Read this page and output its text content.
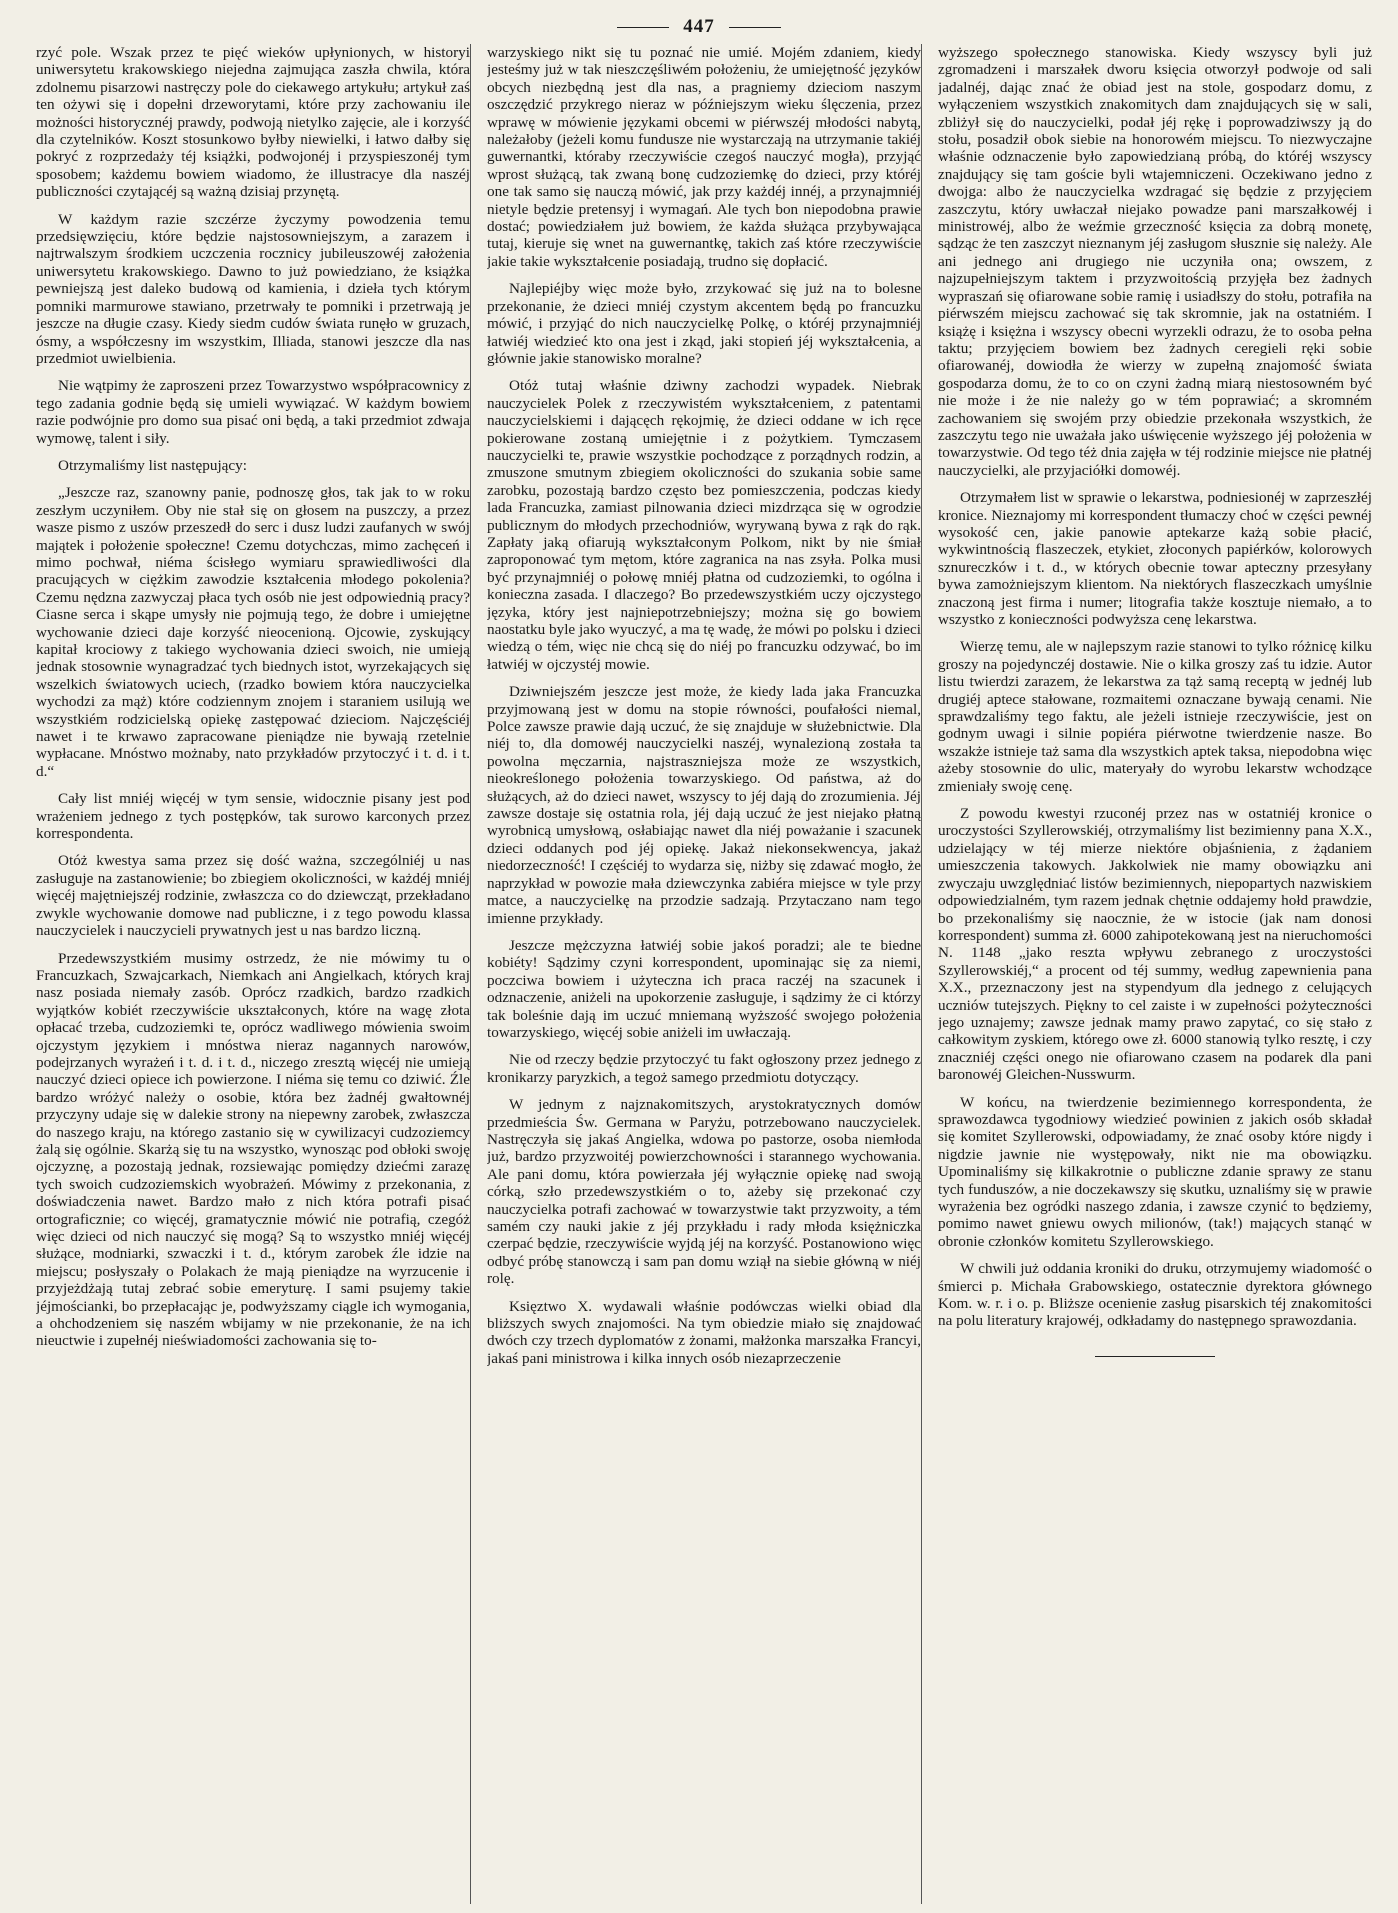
447

rzyć pole. Wszak przez te pięć wieków upłynionych, w historyi uniwersytetu krakowskiego niejedna zajmująca zaszła chwila, która zdolnemu pisarzowi nastręczy pole do ciekawego artykułu; artykuł zaś ten ożywi się i dopełni drzeworytami, które przy zachowaniu ile możności historycznéj prawdy, podwoją nietylko zajęcie, ale i korzyść dla czytelników. Koszt stosunkowo byłby niewielki, i łatwo dałby się pokryć z rozprzedaży téj książki, podwojonéj i przyspieszonéj tym sposobem; każdemu bowiem wiadomo, że illustracye dla naszéj publiczności czytającéj są ważną dzisiaj przynętą.

W każdym razie szczérze życzymy powodzenia temu przedsięwzięciu, które będzie najstosowniejszym, a zarazem i najtrwalszym środkiem uczczenia rocznicy jubileuszowéj założenia uniwersytetu krakowskiego. Dawno to już powiedziano, że książka pewniejszą jest daleko budową od kamienia, i dzieła tych którym pomniki marmurowe stawiano, przetrwały te pomniki i przetrwają je jeszcze na długie czasy. Kiedy siedm cudów świata runęło w gruzach, ósmy, a współczesny im wszystkim, Illiada, stanowi jeszcze dla nas przedmiot uwielbienia.

Nie wątpimy że zaproszeni przez Towarzystwo współpracownicy z tego zadania godnie będą się umieli wywiązać. W każdym bowiem razie podwójnie pro domo sua pisać oni będą, a taki przedmiot zdwaja wymowę, talent i siły.

Otrzymaliśmy list następujący:

„Jeszcze raz, szanowny panie, podnoszę głos, tak jak to w roku zeszłym uczyniłem. Oby nie stał się on głosem na puszczy, a przez wasze pismo z uszów przeszedł do serc i dusz ludzi zaufanych w swój majątek i położenie społeczne! Czemu dotychczas, mimo zachęceń i mimo pochwał, niéma ścisłego wymiaru sprawiedliwości dla pracujących w ciężkim zawodzie kształcenia młodego pokolenia? Czemu nędzna zazwyczaj płaca tych osób nie jest odpowiednią pracy? Ciasne serca i skąpe umysły nie pojmują tego, że dobre i umiejętne wychowanie dzieci daje korzyść nieocenioną. Ojcowie, zyskujący kapitał krociowy z takiego wychowania dzieci swoich, nie umieją jednak stosownie wynagradzać tych biednych istot, wyrzekających się wszelkich światowych uciech, (rzadko bowiem która nauczycielka wychodzi za mąż) które codziennym znojem i staraniem usilują we wszystkiém rodzicielską opiekę zastępować dzieciom. Najczęściéj nawet i te krwawo zapracowane pieniądze nie bywają rzetelnie wypłacane. Mnóstwo możnaby, nato przykładów przytoczyć i t. d. i t. d.“

Cały list mniéj więcéj w tym sensie, widocznie pisany jest pod wrażeniem jednego z tych postępków, tak surowo karconych przez korrespondenta.

Otóż kwestya sama przez się dość ważna, szczególniéj u nas zasługuje na zastanowienie; bo zbiegiem okoliczności, w każdéj mniéj więcéj majętniejszéj rodzinie, zwłaszcza co do dziewcząt, przekładano zwykle wychowanie domowe nad publiczne, i z tego powodu klassa nauczycielek i nauczycieli prywatnych jest u nas bardzo liczną.

Przedewszystkiém musimy ostrzedz, że nie mówimy tu o Francuzkach, Szwajcarkach, Niemkach ani Angielkach, których kraj nasz posiada niemały zasób. Oprócz rzadkich, bardzo rzadkich wyjątków kobiét rzeczywiście ukształconych, które na wagę złota opłacać trzeba, cudzoziemki te, oprócz wadliwego mówienia swoim ojczystym językiem i mnóstwa nieraz nagannych narowów, podejrzanych wyrażeń i t. d. i t. d., niczego zresztą więcéj nie umieją nauczyć dzieci opiece ich powierzone. I niéma się temu co dziwić. Źle bardzo wróżyć należy o osobie, która bez żadnéj gwałtownéj przyczyny udaje się w dalekie strony na niepewny zarobek, zwłaszcza do naszego kraju, na którego zastanio się w cywilizacyi cudzoziemcy żalą się ogólnie. Skarżą się tu na wszystko, wynosząc pod obłoki swoję ojczyznę, a pozostają jednak, rozsiewając pomiędzy dziećmi zarazę tych swoich cudzoziemskich wyobrażeń. Mówimy z przekonania, z doświadczenia nawet. Bardzo mało z nich która potrafi pisać ortograficznie; co więcéj, gramatycznie mówić nie potrafią, czegóż więc dzieci od nich nauczyć się mogą? Są to wszystko mniéj więcéj służące, modniarki, szwaczki i t. d., którym zarobek źle idzie na miejscu; posłyszały o Polakach że mają pieniądze na wyrzucenie i przyjeżdżają tutaj zebrać sobie emeryturę. I sami psujemy takie jéjmościanki, bo przepłacając je, podwyższamy ciągle ich wymogania, a ohchodzeniem się naszém wbijamy w nie przekonanie, że na ich nieuctwie i zupełnéj nieświadomości zachowania się to-

warzyskiego nikt się tu poznać nie umié. Mojém zdaniem, kiedy jesteśmy już w tak nieszczęśliwém położeniu, że umiejętność języków obcych niezbędną jest dla nas, a pragniemy dzieciom naszym oszczędzić przykrego nieraz w późniejszym wieku ślęczenia, przez wprawę w mówienie językami obcemi w piérwszéj młodości nabytą, należałoby (jeżeli komu fundusze nie wystarczają na utrzymanie takiéj guwernantki, któraby rzeczywiście czegoś nauczyć mogła), przyjąć wprost służącą, tak zwaną bonę cudzoziemkę do dzieci, przy któréj one tak samo się nauczą mówić, jak przy każdéj innéj, a przynajmniéj nietyle będzie pretensyj i wymagań. Ale tych bon niepodobna prawie dostać; powiedziałem już bowiem, że każda służąca przybywająca tutaj, kieruje się wnet na guwernantkę, takich zaś które rzeczywiście jakie takie wykształcenie posiadają, trudno się dopłacić.

Najlepiéjby więc może było, zrzykować się już na to bolesne przekonanie, że dzieci mniéj czystym akcentem będą po francuzku mówić, i przyjąć do nich nauczycielkę Polkę, o któréj przynajmniéj łatwiéj wiedzieć kto ona jest i zkąd, jaki stopień jéj wykształcenia, a głównie jakie stanowisko moralne?

Otóż tutaj właśnie dziwny zachodzi wypadek. Niebrak nauczycielek Polek z rzeczywistém wykształceniem, z patentami nauczycielskiemi i dającęch rękojmię, że dzieci oddane w ich ręce pokierowane zostaną umiejętnie i z pożytkiem. Tymczasem nauczycielki te, prawie wszystkie pochodzące z porządnych rodzin, a zmuszone smutnym zbiegiem okoliczności do szukania sobie same zarobku, pozostają bardzo często bez pomieszczenia, podczas kiedy lada Francuzka, zamiast pilnowania dzieci mizdrząca się w ogrodzie publicznym do młodych przechodniów, wyrywaną bywa z rąk do rąk. Zapłaty jaką ofiarują wykształconym Polkom, nikt by nie śmiał zaproponować tym mętom, które zagranica na nas zsyła. Polka musi być przynajmniéj o połowę mniéj płatna od cudzoziemki, to ogólna i konieczna zasada. I dlaczego? Bo przedewszystkiém uczy ojczystego języka, który jest najniepotrzebniejszy; można się go bowiem naostatku byle jako wyuczyć, a ma tę wadę, że mówi po polsku i dzieci wiedzą o tém, więc nie chcą się do niéj po francuzku odzywać, bo im łatwiéj w ojczystéj mowie.

Dziwniejszém jeszcze jest może, że kiedy lada jaka Francuzka przyjmowaną jest w domu na stopie równości, poufałości niemal, Polce zawsze prawie dają uczuć, że się znajduje w służebnictwie. Dla niéj to, dla domowéj nauczycielki naszéj, wynalezioną została ta powolna męczarnia, najstraszniejsza może ze wszystkich, nieokreślonego położenia towarzyskiego. Od państwa, aż do służących, aż do dzieci nawet, wszyscy to jéj dają do zrozumienia. Jéj zawsze dostaje się ostatnia rola, jéj dają uczuć że jest niejako płatną wyrobnicą umysłową, osłabiając nawet dla niéj poważanie i szacunek dzieci oddanych pod jéj opiekę. Jakaż niekonsekwencya, jakaż niedorzeczność! I częściéj to wydarza się, niżby się zdawać mogło, że naprzykład w powozie mała dziewczynka zabiéra miejsce w tyle przy matce, a nauczycielkę na przodzie sadzają. Przytaczano nam tego imienne przykłady.

Jeszcze mężczyzna łatwiéj sobie jakoś poradzi; ale te biedne kobiéty! Sądzimy czyni korrespondent, upominając się za niemi, poczciwa bowiem i użyteczna ich praca raczéj na szacunek i odznaczenie, aniżeli na upokorzenie zasługuje, i sądzimy że ci którzy tak boleśnie dają im uczuć mniemaną wyższość swojego położenia towarzyskiego, więcéj sobie aniżeli im uwłaczają.

Nie od rzeczy będzie przytoczyć tu fakt ogłoszony przez jednego z kronikarzy paryzkich, a tegoż samego przedmiotu dotyczący.

W jednym z najznakomitszych, arystokratycznych domów przedmieścia Św. Germana w Paryżu, potrzebowano nauczycielek. Nastręczyła się jakaś Angielka, wdowa po pastorze, osoba niemłoda już, bardzo przyzwoitéj powierzchowności i starannego wychowania. Ale pani domu, która powierzała jéj wyłącznie opiekę nad swoją córką, szło przedewszystkiém o to, ażeby się przekonać czy nauczycielka potrafi zachować w towarzystwie takt przyzwoity, a tém samém czy nauki jakie z jéj przykładu i rady młoda księżniczka czerpać będzie, rzeczywiście wyjdą jéj na korzyść. Postanowiono więc odbyć próbę stanowczą i sam pan domu wziął na siebie główną w niéj rolę.

Księztwo X. wydawali właśnie podówczas wielki obiad dla bliższych swych znajomości. Na tym obiedzie miało się znajdować dwóch czy trzech dyplomatów z żonami, małżonka marszałka Francyi, jakaś pani ministrowa i kilka innych osób niezaprzeczenie

wyższego społecznego stanowiska. Kiedy wszyscy byli już zgromadzeni i marszałek dworu księcia otworzył podwoje od sali jadalnéj, dając znać że obiad jest na stole, gospodarz domu, z wyłączeniem wszystkich znakomitych dam znajdujących się w sali, zbliżył się do nauczycielki, podał jéj rękę i poprowadziwszy ją do stołu, posadził obok siebie na honorowém miejscu. To niezwyczajne właśnie odznaczenie było zapowiedzianą próbą, do któréj wszyscy znajdujący się tam goście byli wtajemniczeni. Oczekiwano jedno z dwojga: albo że nauczycielka wzdragać się będzie z przyjęciem zaszczytu, który uwłaczał niejako powadze pani marszałkowéj i ministrowéj, albo że weźmie grzeczność księcia za dobrą monetę, sądząc że ten zaszczyt nieznanym jéj zasługom słusznie się należy. Ale ani jednego ani drugiego nie uczyniła ona; owszem, z najzupełniejszym taktem i przyzwoitością przyjęła bez żadnych wypraszań się ofiarowane sobie ramię i usiadłszy do stołu, potrafiła na piérwszém miejscu zachować się tak skromnie, jak na ostatniém. I książę i księżna i wszyscy obecni wyrzekli odrazu, że to osoba pełna taktu; przyjęciem bowiem bez żadnych ceregieli ręki sobie ofiarowanéj, dowiodła że wierzy w zupełną znajomość świata gospodarza domu, że to co on czyni żadną miarą niestosowném być nie może i że nie należy go w tém poprawiać; a skromném zachowaniem się swojém przy obiedzie przekonała wszystkich, że zaszczytu tego nie uważała jako uświęcenie wyższego jéj położenia w towarzystwie. Od tego téż dnia zajęła w téj rodzinie miejsce nie płatnéj nauczycielki, ale przyjaciółki domowéj.

Otrzymałem list w sprawie o lekarstwa, podniesionéj w zaprzeszłéj kronice. Nieznajomy mi korrespondent tłumaczy choć w części pewnéj wysokość cen, jakie panowie aptekarze każą sobie płacić, wykwintnością flaszeczek, etykiet, złoconych papiérków, kolorowych sznureczków i t. d., w których obecnie towar apteczny przesyłany bywa zamożniejszym klientom. Na niektórych flaszeczkach umyślnie znaczoną jest firma i numer; litografia także kosztuje niemało, a to wszystko z konieczności podwyższa cenę lekarstwa.

Wierzę temu, ale w najlepszym razie stanowi to tylko różnicę kilku groszy na pojedynczéj dostawie. Nie o kilka groszy zaś tu idzie. Autor listu twierdzi zarazem, że lekarstwa za tąż samą receptą w jednéj lub drugiéj aptece stałowane, rozmaitemi oznaczane bywają cenami. Nie sprawdzaliśmy tego faktu, ale jeżeli istnieje rzeczywiście, jest on godnym uwagi i silnie popiéra piérwotne twierdzenie nasze. Bo wszakże istnieje taż sama dla wszystkich aptek taksa, niepodobna więc ażeby stosownie do ulic, materyały do wyrobu lekarstw wchodzące zmieniały swoję cenę.

Z powodu kwestyi rzuconéj przez nas w ostatniéj kronice o uroczystości Szyllerowskiéj, otrzymaliśmy list bezimienny pana X.X., udzielający w téj mierze niektóre objaśnienia, z żądaniem umieszczenia takowych. Jakkolwiek nie mamy obowiązku ani zwyczaju uwzględniać listów bezimiennych, niepopartych nazwiskiem odpowiedzialném, tym razem jednak chętnie oddajemy hołd prawdzie, bo przekonaliśmy się naocznie, że w istocie (jak nam donosi korrespondent) summa zł. 6000 zahipotekowaną jest na nieruchomości N. 1148 „jako reszta wpływu zebranego z uroczystości Szyllerowskiéj,“ a procent od téj summy, według zapewnienia pana X.X., przeznaczony jest na stypendyum dla jednego z celujących uczniów tutejszych. Piękny to cel zaiste i w zupełności pożyteczności jego uznajemy; zawsze jednak mamy prawo zapytać, co się stało z całkowitym zyskiem, którego owe zł. 6000 stanowią tylko resztę, i czy znaczniéj części onego nie ofiarowano czasem na podarek dla pani baronowéj Gleichen-Nusswurm.

W końcu, na twierdzenie bezimiennego korrespondenta, że sprawozdawca tygodniowy wiedzieć powinien z jakich osób składał się komitet Szyllerowski, odpowiadamy, że znać osoby które nigdy i nigdzie jawnie nie występowały, nikt nie ma obowiązku. Upominaliśmy się kilkakrotnie o publiczne zdanie sprawy ze stanu tych funduszów, a nie doczekawszy się skutku, uznaliśmy się w prawie wyrażenia bez ogródki naszego zdania, i zawsze czynić to będziemy, pomimo nawet gniewu owych milionów, (tak!) mających stanąć w obronie członków komitetu Szyllerowskiego.

W chwili już oddania kroniki do druku, otrzymujemy wiadomość o śmierci p. Michała Grabowskiego, ostatecznie dyrektora głównego Kom. w. r. i o. p. Bliższe ocenienie zasług pisarskich téj znakomitości na polu literatury krajowéj, odkładamy do następnego sprawozdania.
